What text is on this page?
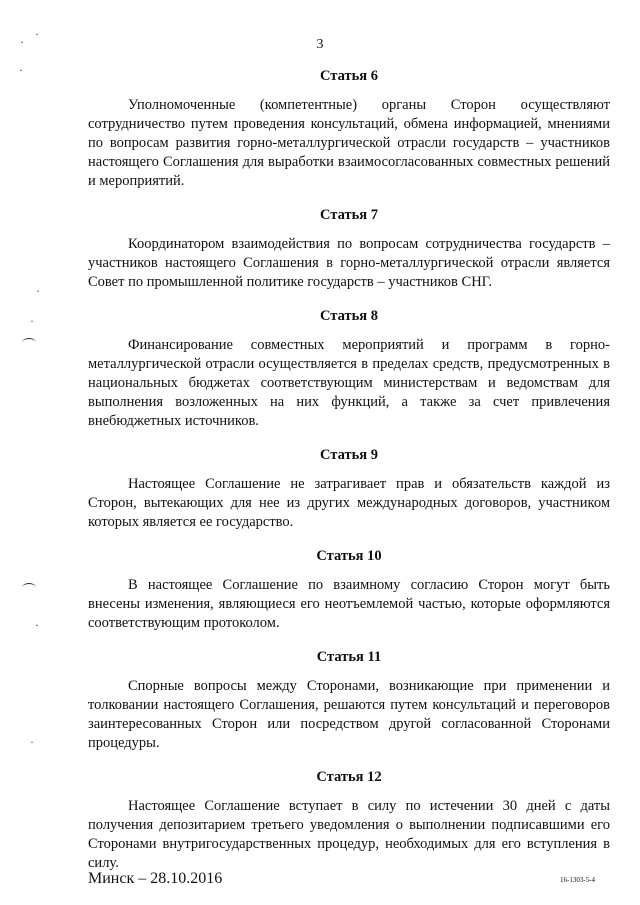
3
Статья 6

Уполномоченные (компетентные) органы Сторон осуществляют сотрудничество путем проведения консультаций, обмена информацией, мнениями по вопросам развития горно-металлургической отрасли государств – участников настоящего Соглашения для выработки взаимосогласованных совместных решений и мероприятий.

Статья 7

Координатором взаимодействия по вопросам сотрудничества государств – участников настоящего Соглашения в горно-металлургической отрасли является Совет по промышленной политике государств – участников СНГ.

Статья 8

Финансирование совместных мероприятий и программ в горно-металлургической отрасли осуществляется в пределах средств, предусмотренных в национальных бюджетах соответствующим министерствам и ведомствам для выполнения возложенных на них функций, а также за счет привлечения внебюджетных источников.

Статья 9

Настоящее Соглашение не затрагивает прав и обязательств каждой из Сторон, вытекающих для нее из других международных договоров, участником которых является ее государство.

Статья 10

В настоящее Соглашение по взаимному согласию Сторон могут быть внесены изменения, являющиеся его неотъемлемой частью, которые оформляются соответствующим протоколом.

Статья 11

Спорные вопросы между Сторонами, возникающие при применении и толковании настоящего Соглашения, решаются путем консультаций и переговоров заинтересованных Сторон или посредством другой согласованной Сторонами процедуры.

Статья 12

Настоящее Соглашение вступает в силу по истечении 30 дней с даты получения депозитарием третьего уведомления о выполнении подписавшими его Сторонами внутригосударственных процедур, необходимых для его вступления в силу.

Минск – 28.10.2016	16-1303-5-4
·
·
·
·
·
·
·
